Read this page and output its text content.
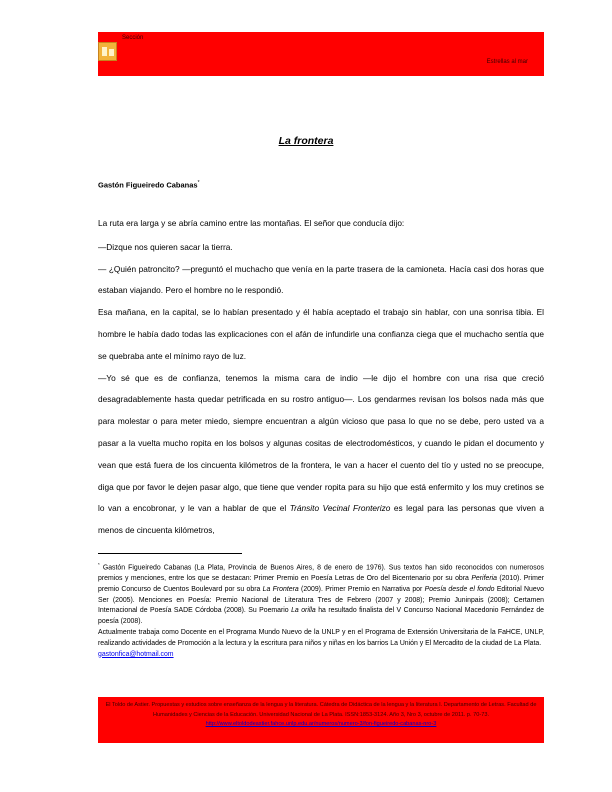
Sección
Estrellas al mar
La frontera
Gastón Figueiredo Cabanas*

La ruta era larga y se abría camino entre las montañas. El señor que conducía dijo:

—Dizque nos quieren sacar la tierra.

— ¿Quién patroncito? —preguntó el muchacho que venía en la parte trasera de la camioneta. Hacía casi dos horas que estaban viajando. Pero el hombre no le respondió.

Esa mañana, en la capital, se lo habían presentado y él había aceptado el trabajo sin hablar, con una sonrisa tibia. El hombre le había dado todas las explicaciones con el afán de infundirle una confianza ciega que el muchacho sentía que se quebraba ante el mínimo rayo de luz.

—Yo sé que es de confianza, tenemos la misma cara de indio —le dijo el hombre con una risa que creció desagradablemente hasta quedar petrificada en su rostro antiguo—. Los gendarmes revisan los bolsos nada más que para molestar o para meter miedo, siempre encuentran a algún vicioso que pasa lo que no se debe, pero usted va a pasar a la vuelta mucho ropita en los bolsos y algunas cositas de electrodomésticos, y cuando le pidan el documento y vean que está fuera de los cincuenta kilómetros de la frontera, le van a hacer el cuento del tío y usted no se preocupe, diga que por favor le dejen pasar algo, que tiene que vender ropita para su hijo que está enfermito y los muy cretinos se lo van a encobronar, y le van a hablar de que el Tránsito Vecinal Fronterizo es legal para las personas que viven a menos de cincuenta kilómetros,

* Gastón Figueiredo Cabanas (La Plata, Provincia de Buenos Aires, 8 de enero de 1976). Sus textos han sido reconocidos con numerosos premios y menciones, entre los que se destacan: Primer Premio en Poesía Letras de Oro del Bicentenario por su obra Periferia (2010). Primer premio Concurso de Cuentos Boulevard por su obra La Frontera (2009). Primer Premio en Narrativa por Poesía desde el fondo Editorial Nuevo Ser (2005). Menciones en Poesía: Premio Nacional de Literatura Tres de Febrero (2007 y 2008); Premio Juninpais (2008); Certamen Internacional de Poesía SADE Córdoba (2008). Su Poemario La orilla ha resultado finalista del V Concurso Nacional Macedonio Fernández de poesía (2008).

Actualmente trabaja como Docente en el Programa Mundo Nuevo de la UNLP y en el Programa de Extensión Universitaria de la FaHCE, UNLP, realizando actividades de Promoción a la lectura y la escritura para niños y niñas en los barrios La Unión y El Mercadito de la ciudad de La Plata.

gastonfica@hotmail.com

El Toldo de Astier. Propuestas y estudios sobre enseñanza de la lengua y la literatura. Cátedra de Didáctica de la lengua y la literatura I. Departamento de Letras. Facultad de Humanidades y Ciencias de la Educación. Universidad Nacional de La Plata. ISSN:1853-3124. Año 3, Nro 3, octubre de 2011. p. 70-73.
http://www.eltoldodeastier.fahce.unlp.edu.ar/numeros/numero-3/fon-figueiredo-cabanas-nro-3
